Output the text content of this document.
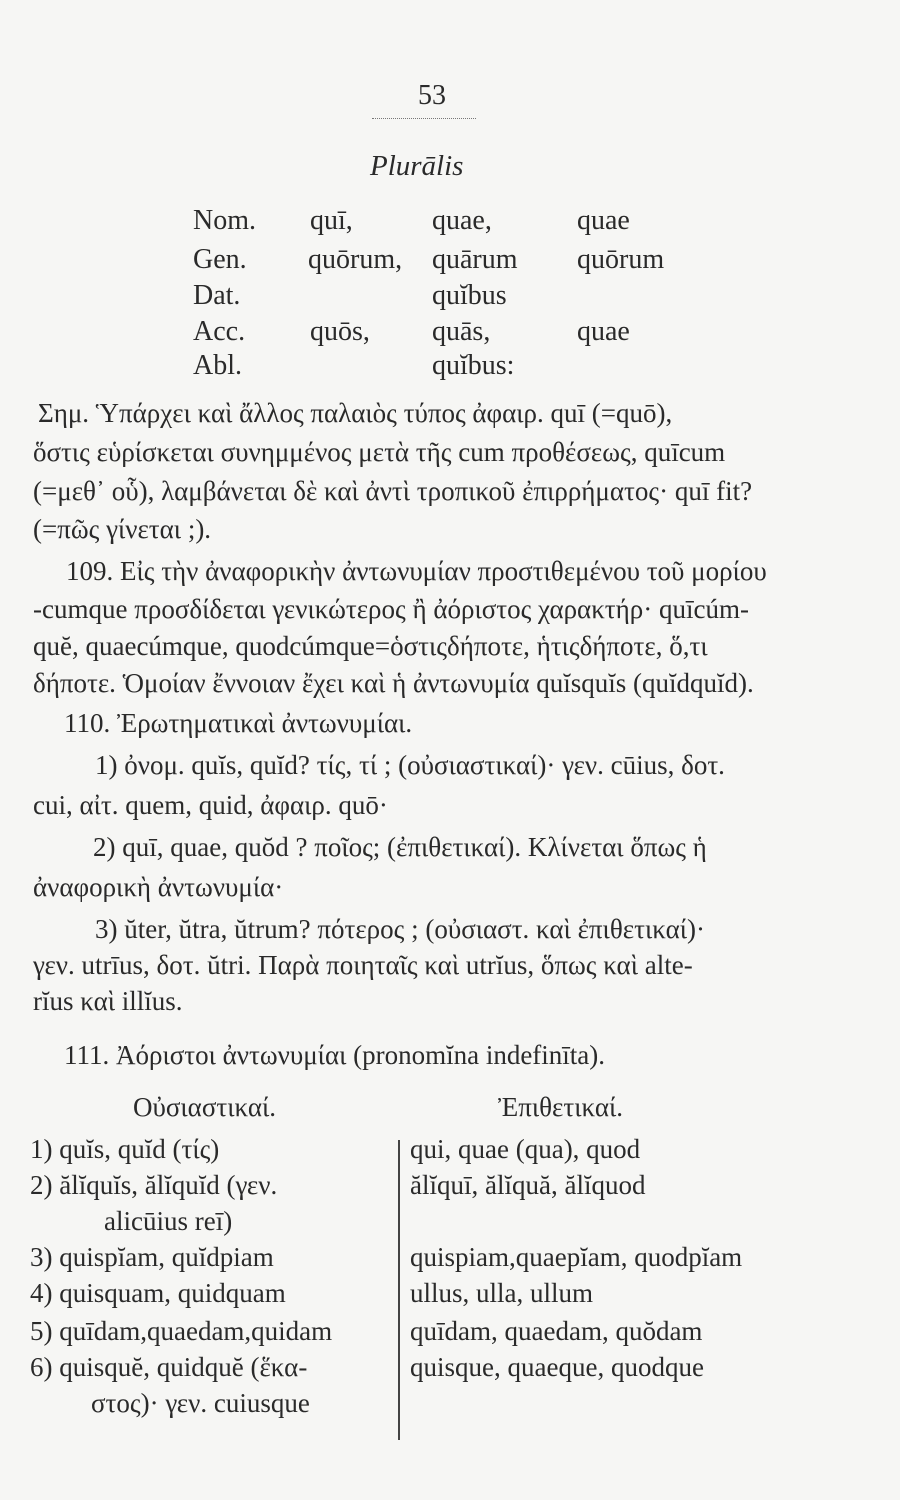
53
Plurālis
Nom.
Gen.
Dat.
Acc.
Abl.
quī,
quōrum,
quōs,
quae,
quārum
quĭbus
quās,
quĭbus:
quae
quōrum
quae
Σημ. Ὑπάρχει καὶ ἄλλος παλαιὸς τύπος ἀφαιρ. quī (=quō),
ὅστις εὑρίσκεται συνημμένος μετὰ τῆς cum προθέσεως, quīcum
(=μεθ᾽ οὗ), λαμβάνεται δὲ καὶ ἀντὶ τροπικοῦ ἐπιρρήματος· quī fit?
(=πῶς γίνεται ;).
109. Εἰς τὴν ἀναφορικὴν ἀντωνυμίαν προστιθεμένου τοῦ μορίου
-cumque προσδίδεται γενικώτερος ἢ ἀόριστος χαρακτήρ· quīcúm-
quĕ, quaecúmque, quodcúmque=ὁστιςδήποτε, ἡτιςδήποτε, ὅ,τι
δήποτε. Ὁμοίαν ἔννοιαν ἔχει καὶ ἡ ἀντωνυμία quĭsquĭs (quĭdquĭd).
110. Ἐρωτηματικαὶ ἀντωνυμίαι.
1) ὀνομ. quĭs, quĭd? τίς, τί ; (οὐσιαστικαί)· γεν. cūius, δοτ.
cui, αἰτ. quem, quid, ἀφαιρ. quō·
2) quī, quae, quŏd ? ποῖος; (ἐπιθετικαί). Κλίνεται ὅπως ἡ
ἀναφορικὴ ἀντωνυμία·
3) ŭter, ŭtra, ŭtrum? πότερος ; (οὐσιαστ. καὶ ἐπιθετικαί)·
γεν. utrīus, δοτ. ŭtri. Παρὰ ποιηταῖς καὶ utrĭus, ὅπως καὶ alte-
rĭus καὶ illĭus.
111. Ἀόριστοι ἀντωνυμίαι (pronomĭna indefinīta).
Οὐσιαστικαί.	Ἐπιθετικαί.
1) quĭs, quĭd (τίς)
2) ălĭquĭs, ălĭquĭd (γεν.
alicūius reī)
3) quispĭam, quĭdpiam
4) quisquam, quidquam
5) quīdam,quaedam,quidam
6) quisquĕ, quidquĕ (ἕκα-
στος)· γεν. cuiusque
qui, quae (qua), quod
ălĭquī, ălĭquă, ălĭquod
quispiam,quaepĭam, quodpĭam
ullus, ulla, ullum
quīdam, quaedam, quŏdam
quisque, quaeque, quodque
